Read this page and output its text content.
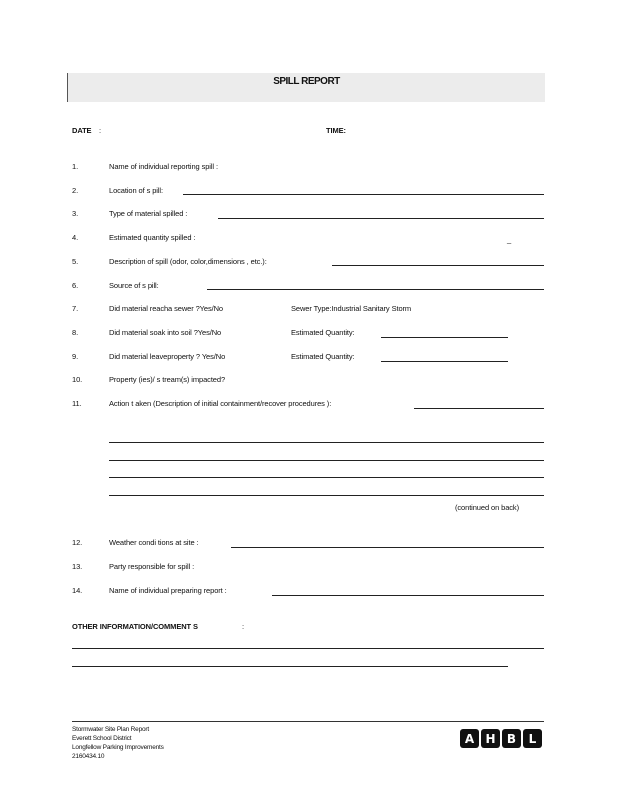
SPILL REPORT
DATE :	TIME:
1.	Name of individual reporting spill :
2.	Location of s pill:
3.	Type of material spilled :
4.	Estimated quantity spilled :	_
5.	Description of spill (odor, color,dimensions , etc.):
6.	Source of s pill:
7.	Did material reacha sewer ?Yes/No	Sewer Type:Industrial Sanitary Storm
8.	Did material soak into soil ?Yes/No	Estimated Quantity:
9.	Did material leaveproperty ? Yes/No	Estimated Quantity:
10.	Property (ies)/ s tream(s) impacted?
11.	Action t aken (Description of initial containment/recover procedures ):
(continued on back)
12.	Weather condi tions at site :
13.	Party responsible for spill :
14.	Name of individual preparing report :
OTHER INFORMATION/COMMENT S	:
Stormwater Site Plan Report
Everett School District
Longfellow Parking Improvements
2160434.10
A H B	L
